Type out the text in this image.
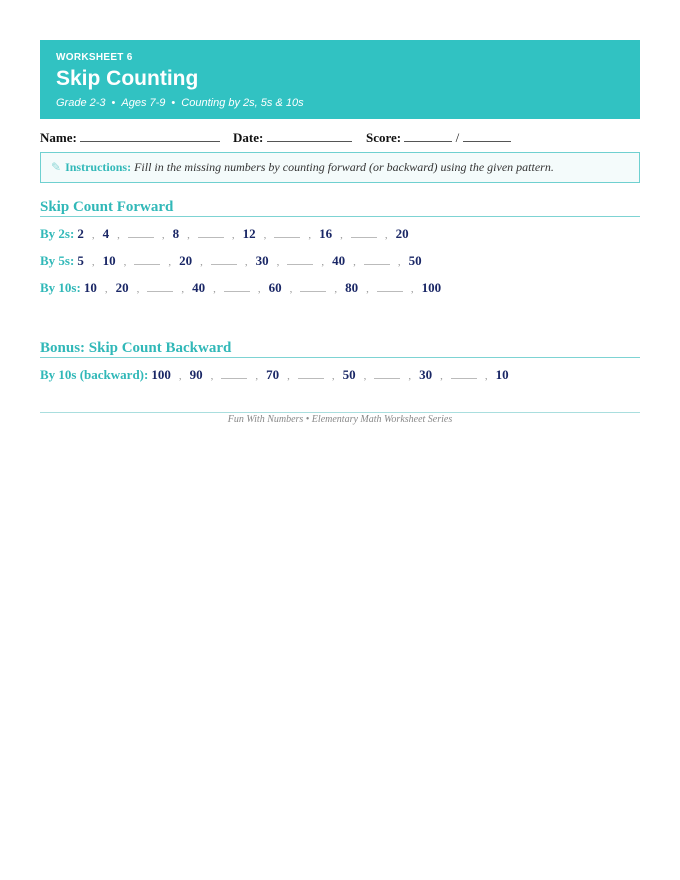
WORKSHEET 6
Skip Counting
Grade 2-3 • Ages 7-9 • Counting by 2s, 5s & 10s
Name:	Date:	Score:	/
✎ Instructions: Fill in the missing numbers by counting forward (or backward) using the given pattern.
Skip Count Forward
By 2s: 2 , 4 ,	, 8 ,	, 12 ,	, 16 ,	, 20
By 5s: 5 , 10 ,	, 20 ,	, 30 ,	, 40 ,	, 50
By 10s: 10 , 20 ,	, 40 ,	, 60 ,	, 80 ,	, 100
Bonus: Skip Count Backward
By 10s (backward): 100 , 90 ,	, 70 ,	, 50 ,	, 30 ,	, 10
Fun With Numbers • Elementary Math Worksheet Series
